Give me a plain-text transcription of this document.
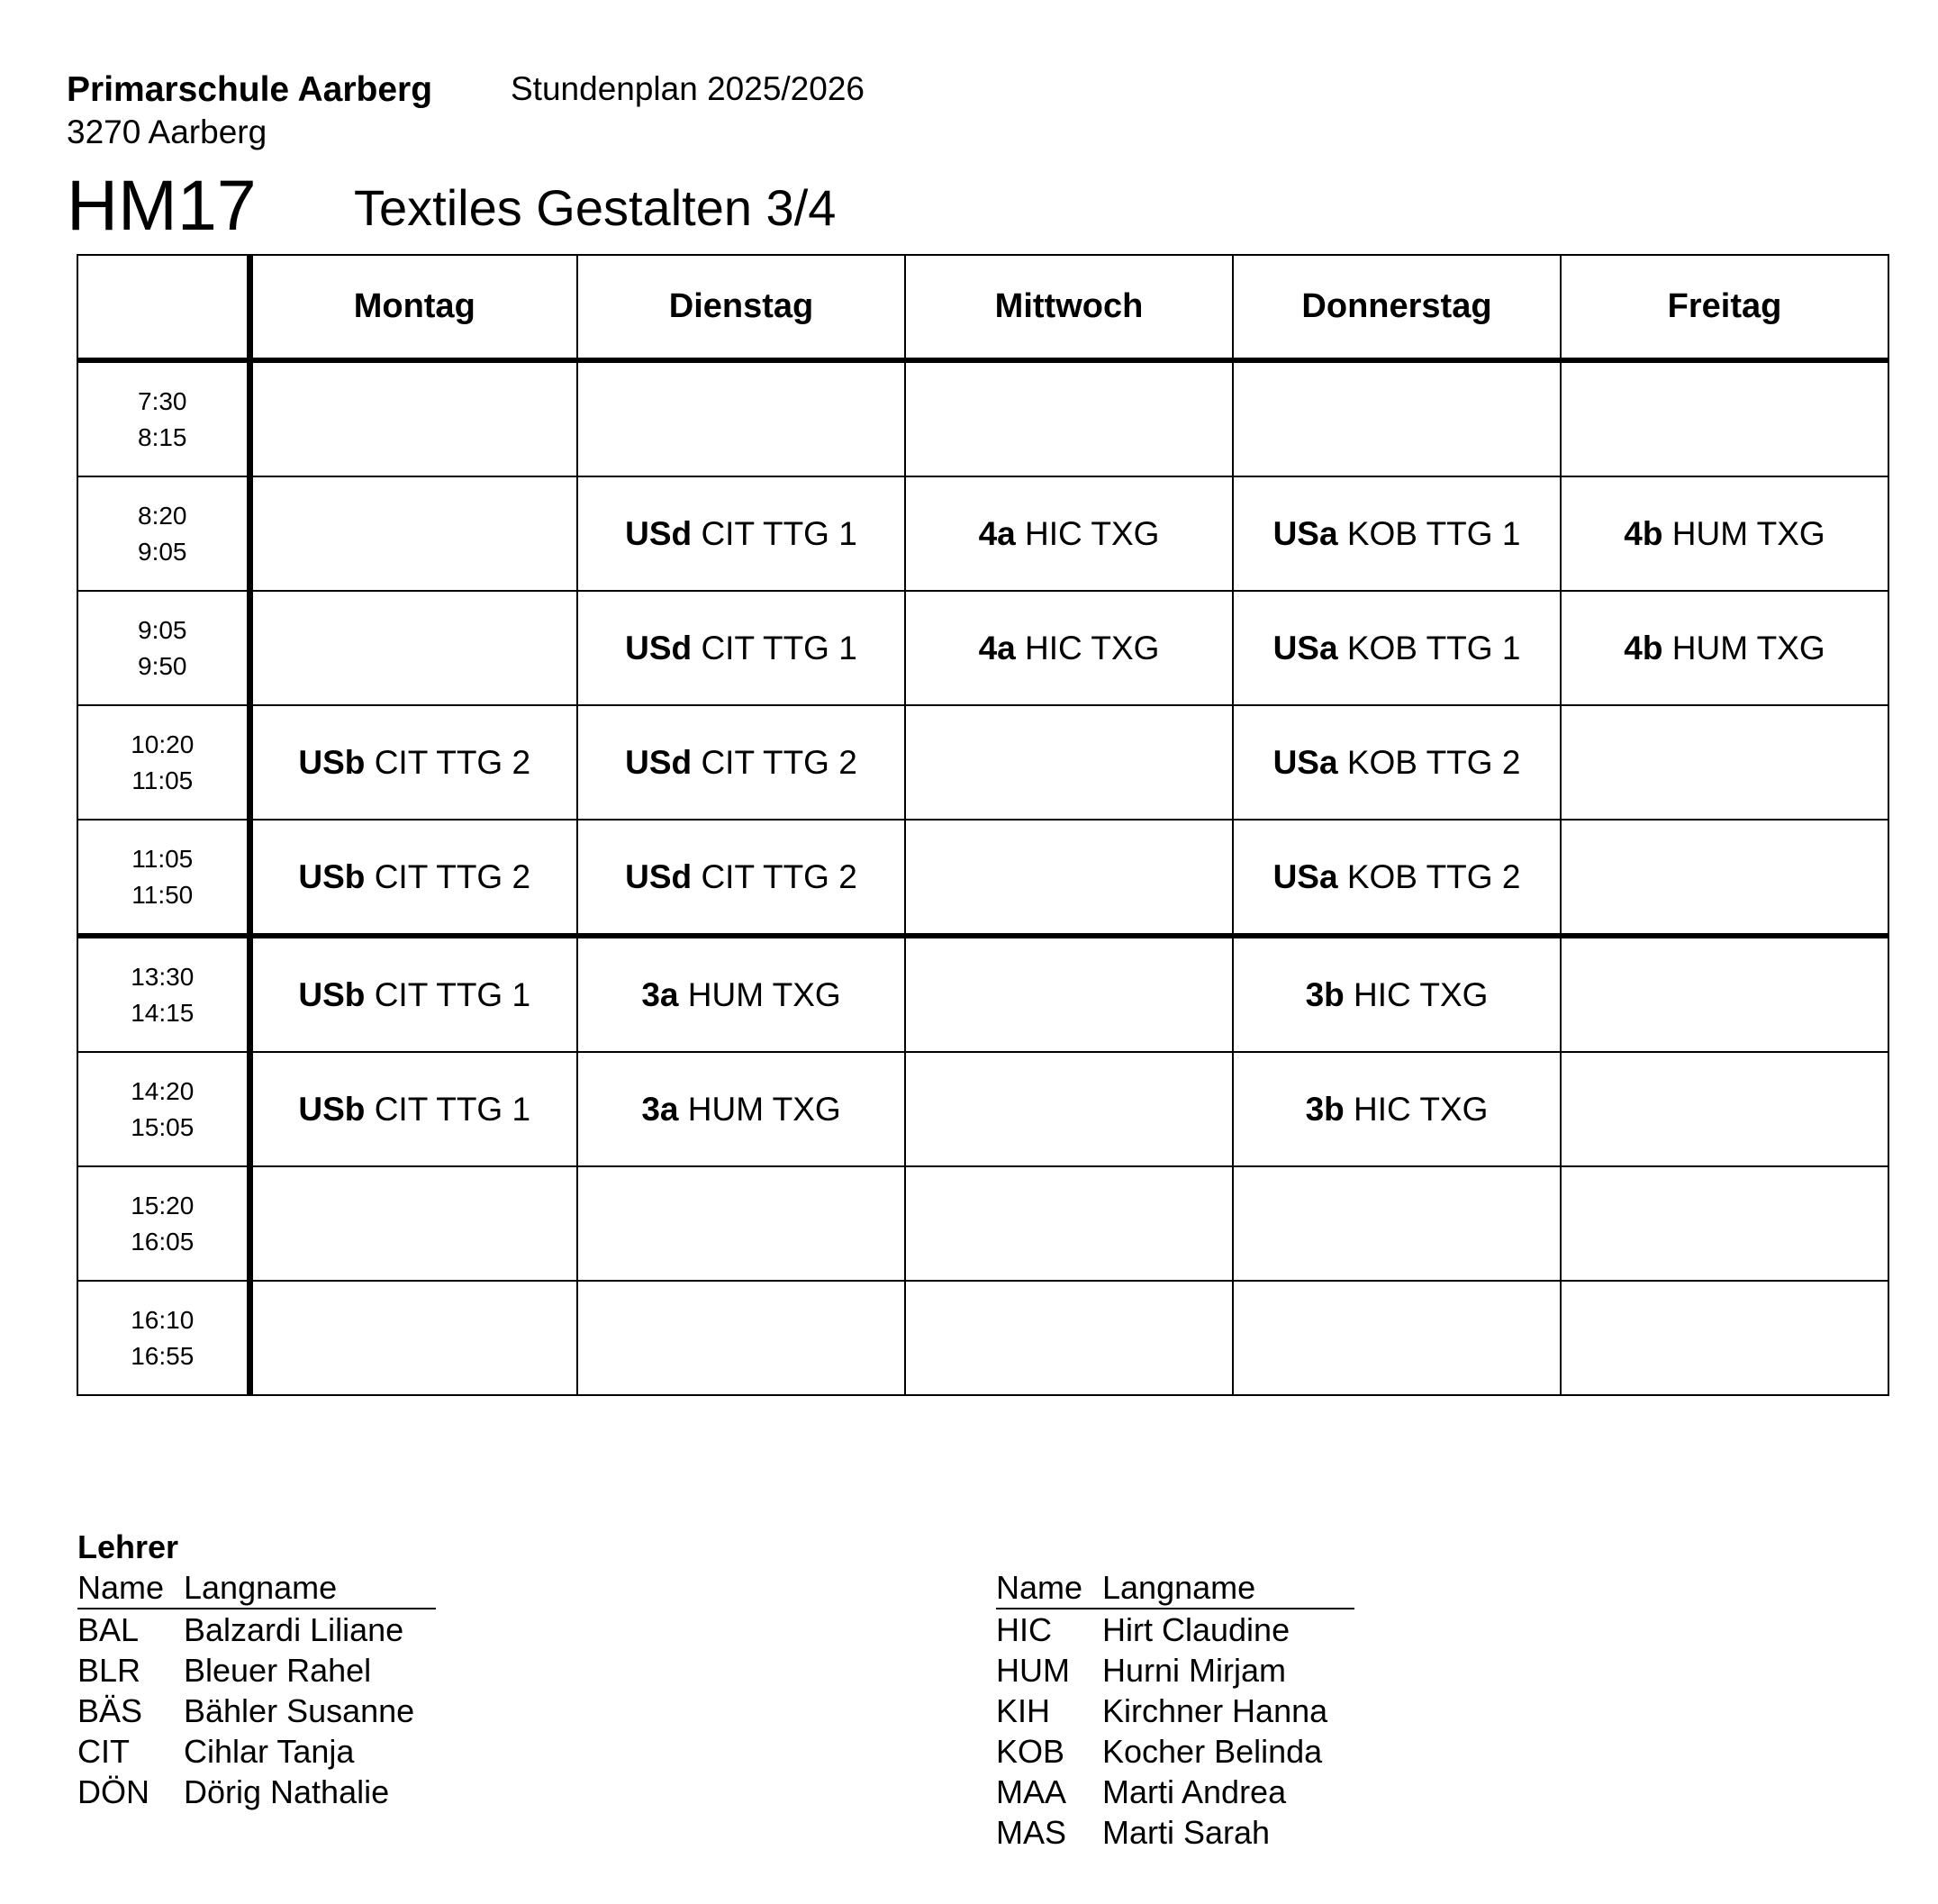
Primarschule Aarberg
3270 Aarberg
Stundenplan 2025/2026
HM17 Textiles Gestalten 3/4
	Montag	Dienstag	Mittwoch	Donnerstag	Freitag

7:30
8:15					

8:20
9:05		USd CIT TTG 1	4a HIC TXG	USa KOB TTG 1	4b HUM TXG

9:05
9:50		USd CIT TTG 1	4a HIC TXG	USa KOB TTG 1	4b HUM TXG

10:20
11:05	USb CIT TTG 2	USd CIT TTG 2		USa KOB TTG 2	

11:05
11:50	USb CIT TTG 2	USd CIT TTG 2		USa KOB TTG 2	

13:30
14:15	USb CIT TTG 1	3a HUM TXG		3b HIC TXG	

14:20
15:05	USb CIT TTG 1	3a HUM TXG		3b HIC TXG	

15:20
16:05					

16:10
16:55					

Lehrer
Name	Langname
BAL	Balzardi Liliane
BLR	Bleuer Rahel
BÄS	Bähler Susanne
CIT	Cihlar Tanja
DÖN	Dörig Nathalie
Name	Langname
HIC	Hirt Claudine
HUM	Hurni Mirjam
KIH	Kirchner Hanna
KOB	Kocher Belinda
MAA	Marti Andrea
MAS	Marti Sarah
